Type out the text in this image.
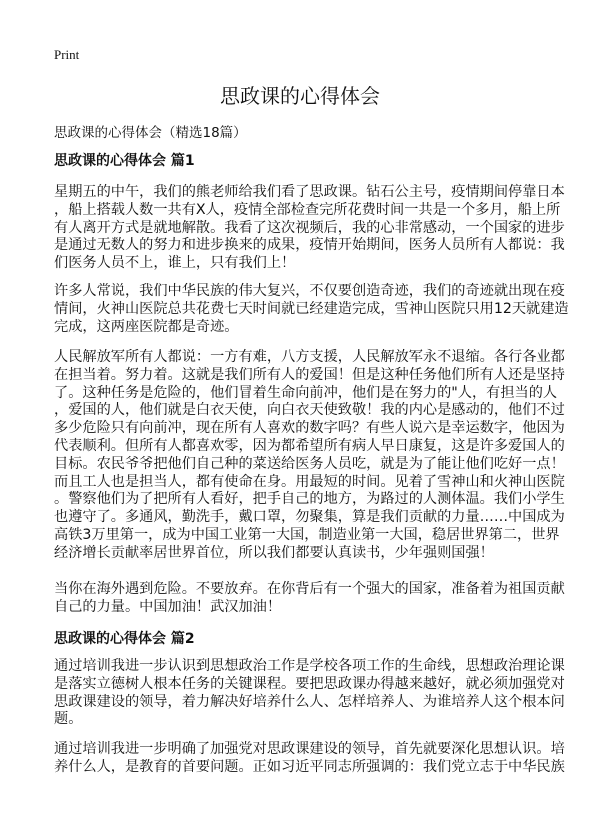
Print
思政课的心得体会
思政课的心得体会（精选18篇）
思政课的心得体会 篇1
星期五的中午，我们的熊老师给我们看了思政课。钻石公主号，疫情期间停靠日本
，船上搭载人数一共有X人，疫情全部检查完所花费时间一共是一个多月，船上所
有人离开方式是就地解散。我看了这次视频后，我的心非常感动，一个国家的进步
是通过无数人的努力和进步换来的成果，疫情开始期间，医务人员所有人都说：我
们医务人员不上，谁上，只有我们上！
许多人常说，我们中华民族的伟大复兴，不仅要创造奇迹，我们的奇迹就出现在疫
情间，火神山医院总共花费七天时间就已经建造完成，雪神山医院只用12天就建造
完成，这两座医院都是奇迹。
人民解放军所有人都说：一方有难，八方支援，人民解放军永不退缩。各行各业都
在担当着。努力着。这就是我们所有人的爱国！但是这种任务他们所有人还是坚持
了。这种任务是危险的，他们冒着生命向前冲，他们是在努力的"人，有担当的人
，爱国的人，他们就是白衣天使，向白衣天使致敬！我的内心是感动的，他们不过
多少危险只有向前冲，现在所有人喜欢的数字吗？有些人说六是幸运数字，他因为
代表顺利。但所有人都喜欢零，因为都希望所有病人早日康复，这是许多爱国人的
目标。农民爷爷把他们自己种的菜送给医务人员吃，就是为了能让他们吃好一点！
而且工人也是担当人，都有使命在身。用最短的时间。见着了雪神山和火神山医院
。警察他们为了把所有人看好，把手自己的地方，为路过的人测体温。我们小学生
也遵守了。多通风，勤洗手，戴口罩，勿聚集，算是我们贡献的力量……中国成为
高铁3万里第一，成为中国工业第一大国，制造业第一大国，稳居世界第二，世界
经济增长贡献率居世界首位，所以我们都要认真读书，少年强则国强！
当你在海外遇到危险。不要放弃。在你背后有一个强大的国家，准备着为祖国贡献
自己的力量。中国加油！武汉加油！
思政课的心得体会 篇2
通过培训我进一步认识到思想政治工作是学校各项工作的生命线，思想政治理论课
是落实立德树人根本任务的关键课程。要把思政课办得越来越好，就必须加强党对
思政课建设的领导，着力解决好培养什么人、怎样培养人、为谁培养人这个根本问
题。
通过培训我进一步明确了加强党对思政课建设的领导，首先就要深化思想认识。培
养什么人，是教育的首要问题。正如习近平同志所强调的：我们党立志于中华民族
